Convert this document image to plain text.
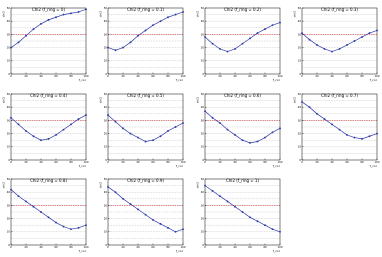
0	20	40	60	80	100
0
10
20
30
40
50
f_cor
chi2
Chi2 (f_ring = 0)
0	20	40	60	80	100
0
10
20
30
40
50
f_cor
chi2
Chi2 (f_ring = 0.1)
0	20	40	60	80	100
0
10
20
30
40
50
f_cor
chi2
Chi2 (f_ring = 0.2)
0	20	40	60	80	100
0
10
20
30
40
50
f_cor
chi2
Chi2 (f_ring = 0.3)
0	20	40	60	80	100
0
10
20
30
40
50
f_cor
chi2
Chi2 (f_ring = 0.4)
0	20	40	60	80	100
0
10
20
30
40
50
f_cor
chi2
Chi2 (f_ring = 0.5)
0	20	40	60	80	100
0
10
20
30
40
50
f_cor
chi2
Chi2 (f_ring = 0.6)
0	20	40	60	80	100
0
10
20
30
40
50
f_cor
chi2
Chi2 (f_ring = 0.7)
0	20	40	60	80	100
0
10
20
30
40
50
f_cor
chi2
Chi2 (f_ring = 0.8)
0	20	40	60	80	100
0
10
20
30
40
50
f_cor
chi2
Chi2 (f_ring = 0.9)
0	20	40	60	80	100
0
10
20
30
40
50
f_cor
chi2
Chi2 (f_ring = 1)
